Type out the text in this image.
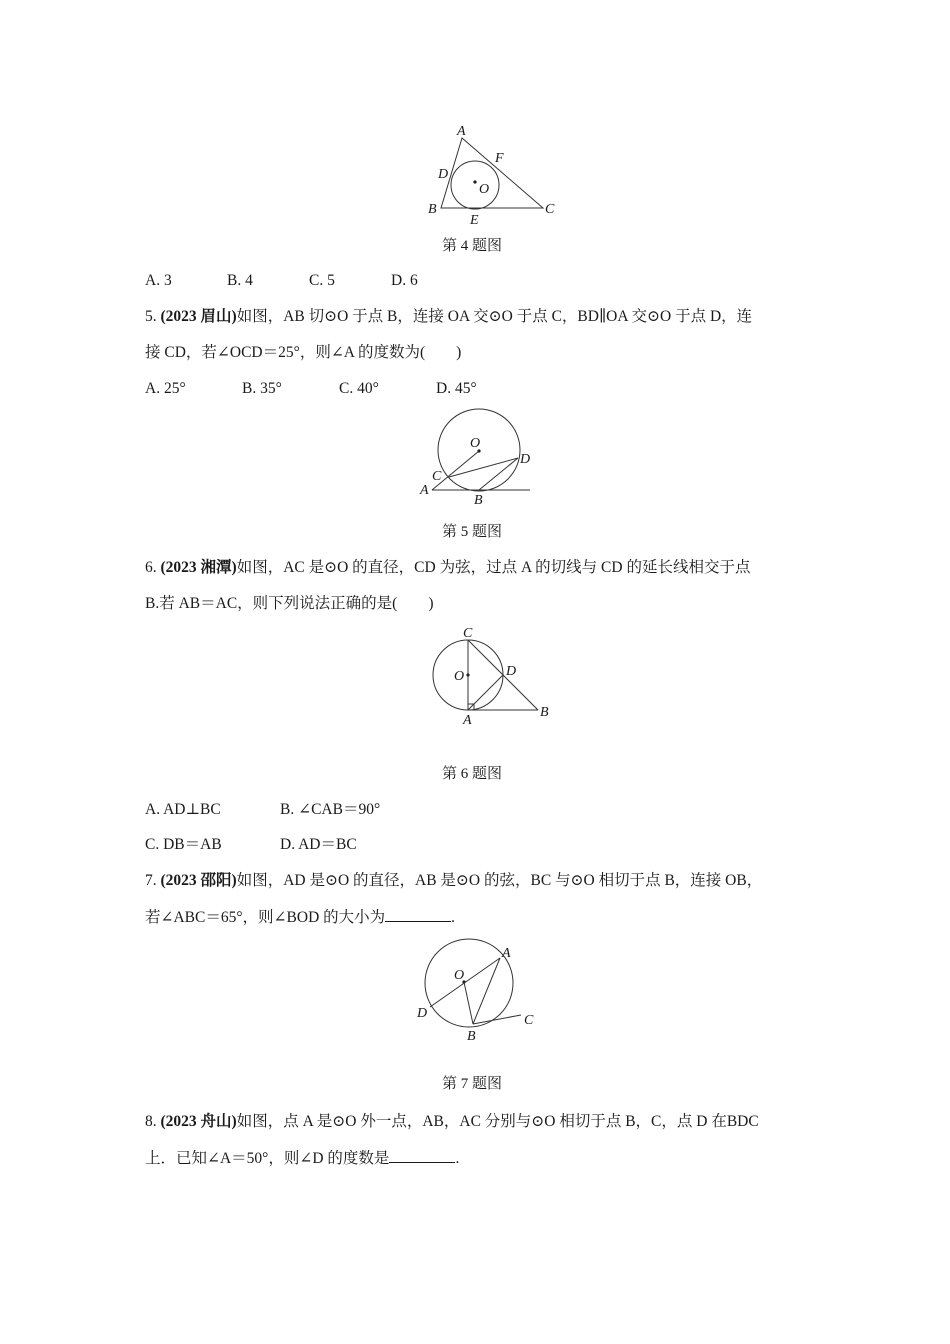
A
B	C
D
E
F
O
O
C
D
A
B
C
O	D
A
B
O
A
D
B
C
第 4 题图
第 5 题图
第 6 题图
第 7 题图
A. 3	B. 4	C. 5	D. 6
5. (2023 眉山)如图，AB 切⊙O 于点 B，连接 OA 交⊙O 于点 C，BD∥OA 交⊙O 于点 D，连
接 CD，若∠OCD＝25°，则∠A 的度数为(　　)
A. 25°	B. 35°	C. 40°	D. 45°
6. (2023 湘潭)如图，AC 是⊙O 的直径，CD 为弦，过点 A 的切线与 CD 的延长线相交于点
B.若 AB＝AC，则下列说法正确的是(　　)
A. AD⊥BC	B. ∠CAB＝90°
C. DB＝AB	D. AD＝BC
7. (2023 邵阳)如图，AD 是⊙O 的直径，AB 是⊙O 的弦，BC 与⊙O 相切于点 B，连接 OB，
若∠ABC＝65°，则∠BOD 的大小为	.
8. (2023 舟山)如图，点 A 是⊙O 外一点，AB，AC 分别与⊙O 相切于点 B，C，点 D 在BDC
上．已知∠A＝50°，则∠D 的度数是	.
